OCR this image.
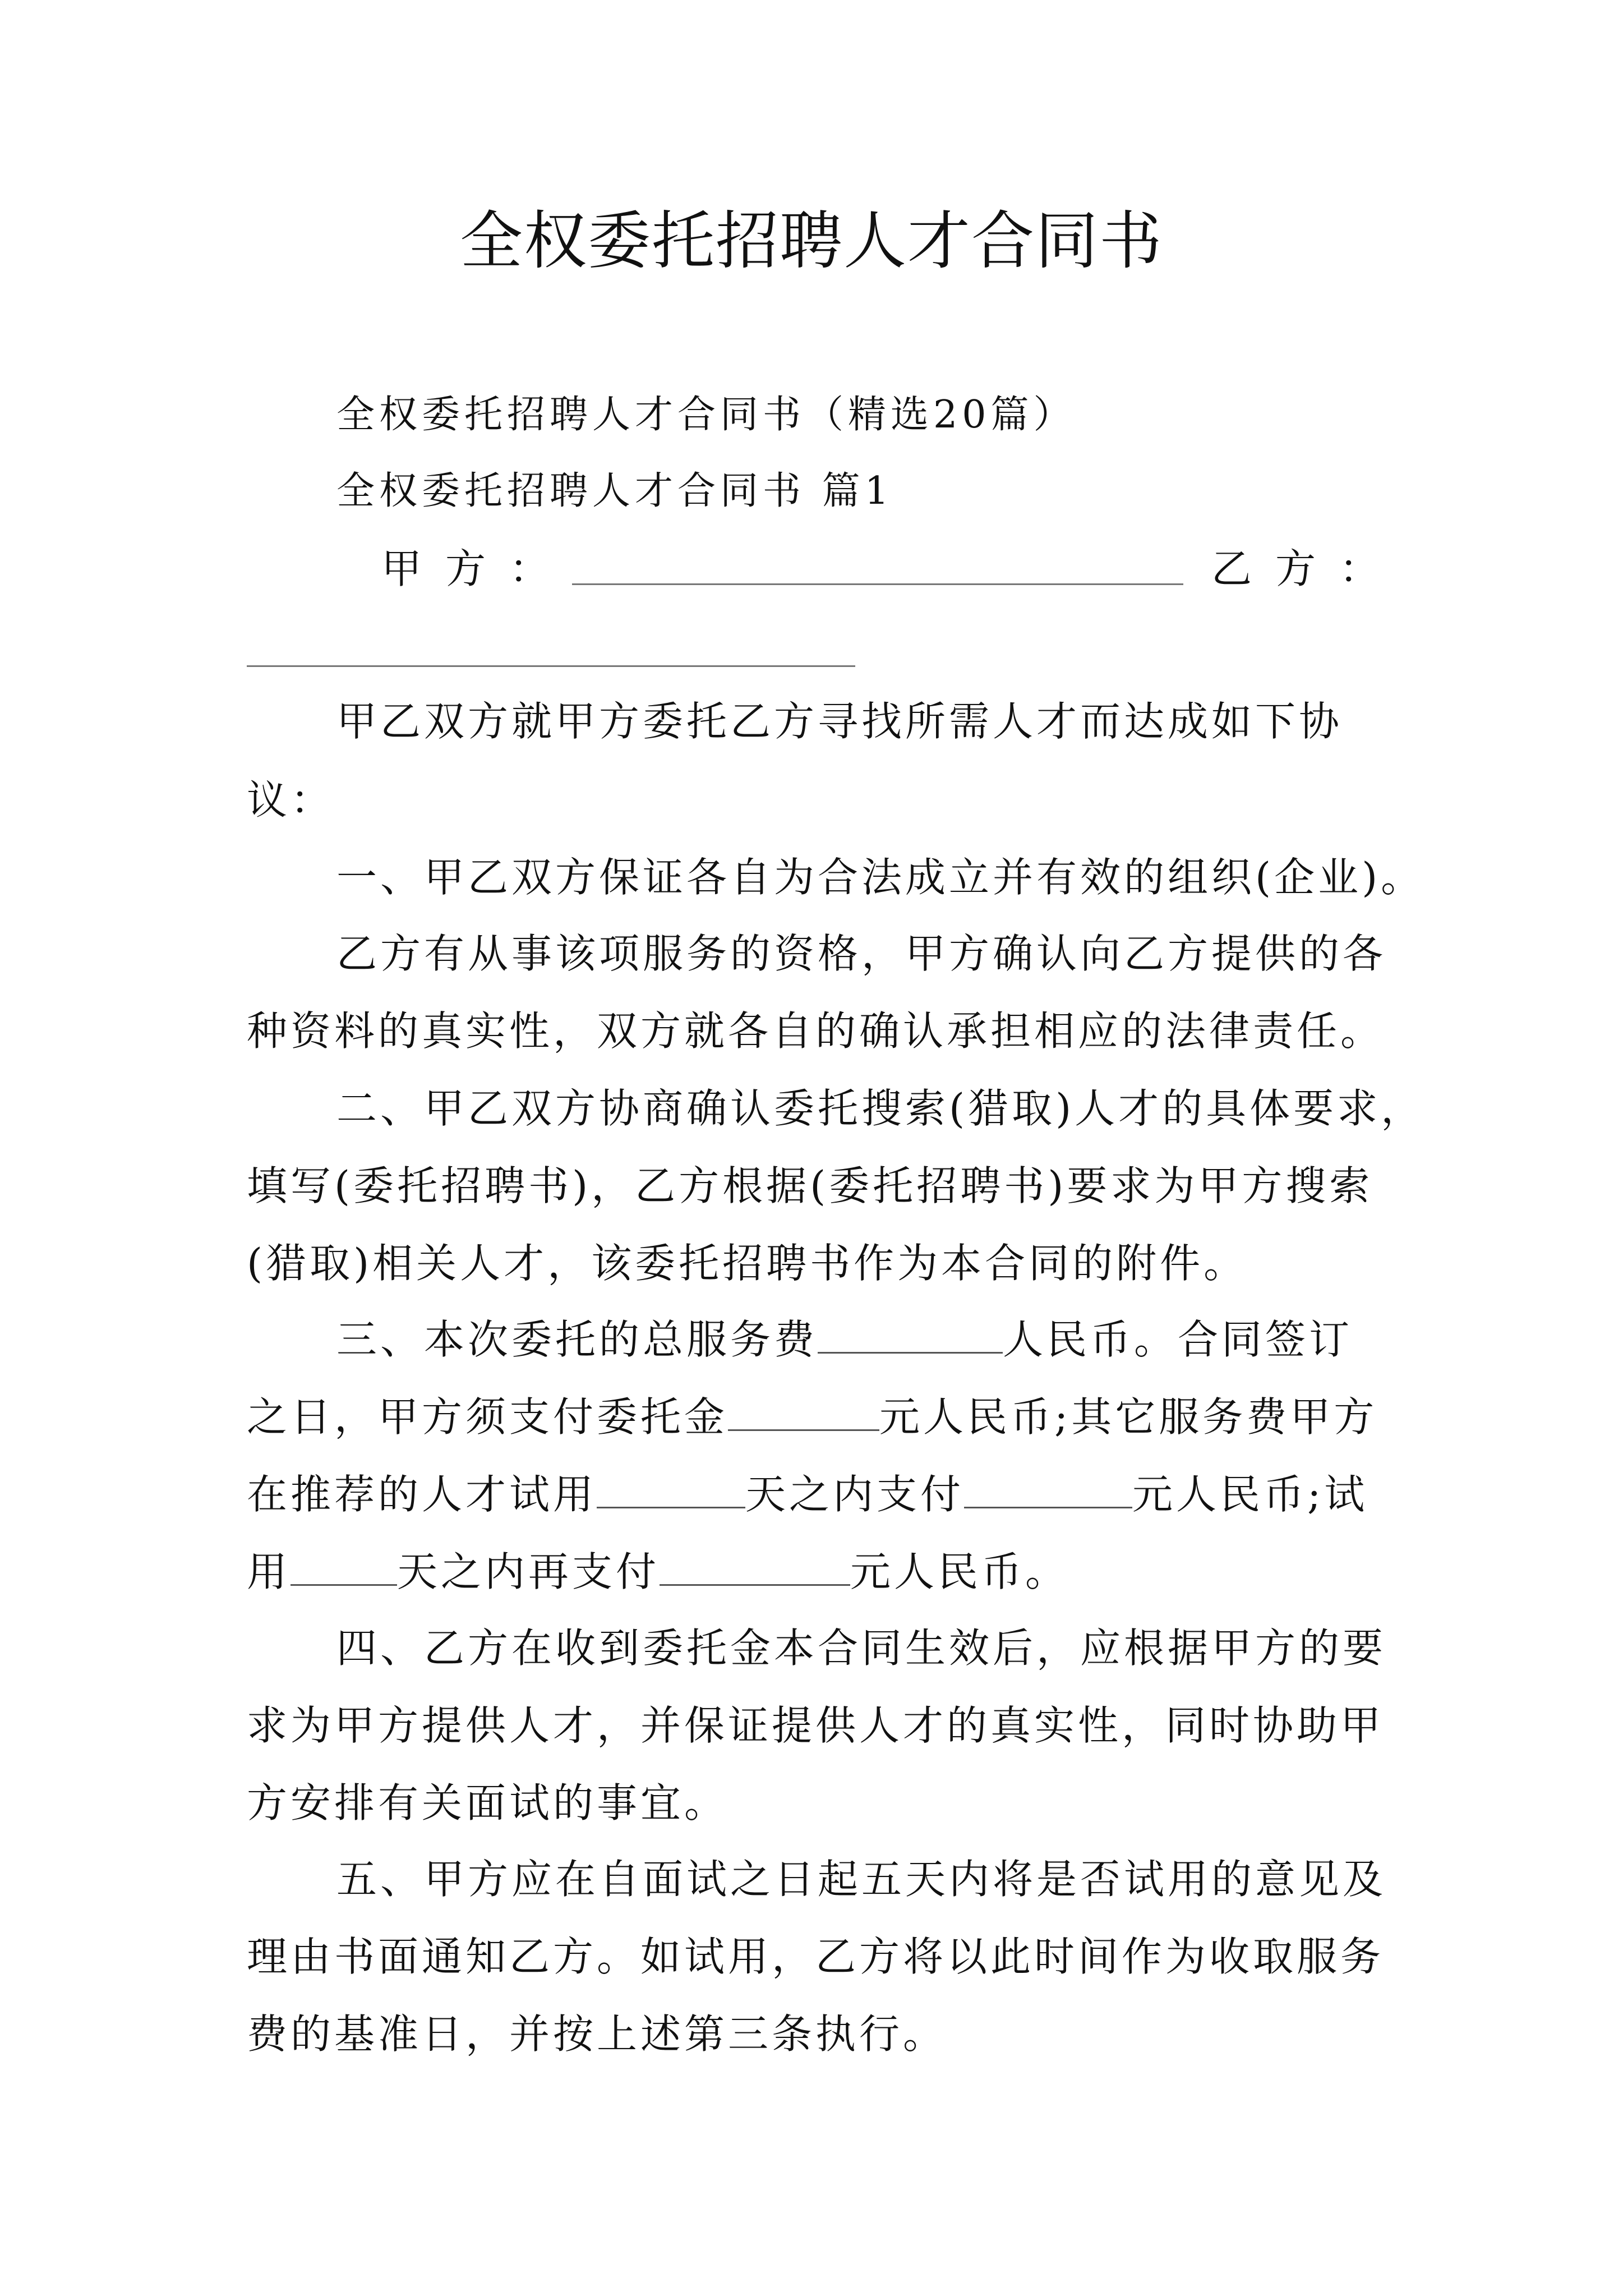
全权委托招聘人才合同书
全权委托招聘人才合同书（精选20篇）
全权委托招聘人才合同书 篇1
甲方：	乙方：
甲乙双方就甲方委托乙方寻找所需人才而达成如下协
议：
一、甲乙双方保证各自为合法成立并有效的组织(企业)。
乙方有从事该项服务的资格，甲方确认向乙方提供的各
种资料的真实性，双方就各自的确认承担相应的法律责任。
二、甲乙双方协商确认委托搜索(猎取)人才的具体要求，
填写(委托招聘书)，乙方根据(委托招聘书)要求为甲方搜索
(猎取)相关人才，该委托招聘书作为本合同的附件。
三、本次委托的总服务费	人民币。合同签订
之日，甲方须支付委托金	元人民币;其它服务费甲方
在推荐的人才试用	天之内支付	元人民币;试
用	天之内再支付	元人民币。
四、乙方在收到委托金本合同生效后，应根据甲方的要
求为甲方提供人才，并保证提供人才的真实性，同时协助甲
方安排有关面试的事宜。
五、甲方应在自面试之日起五天内将是否试用的意见及
理由书面通知乙方。如试用，乙方将以此时间作为收取服务
费的基准日，并按上述第三条执行。
